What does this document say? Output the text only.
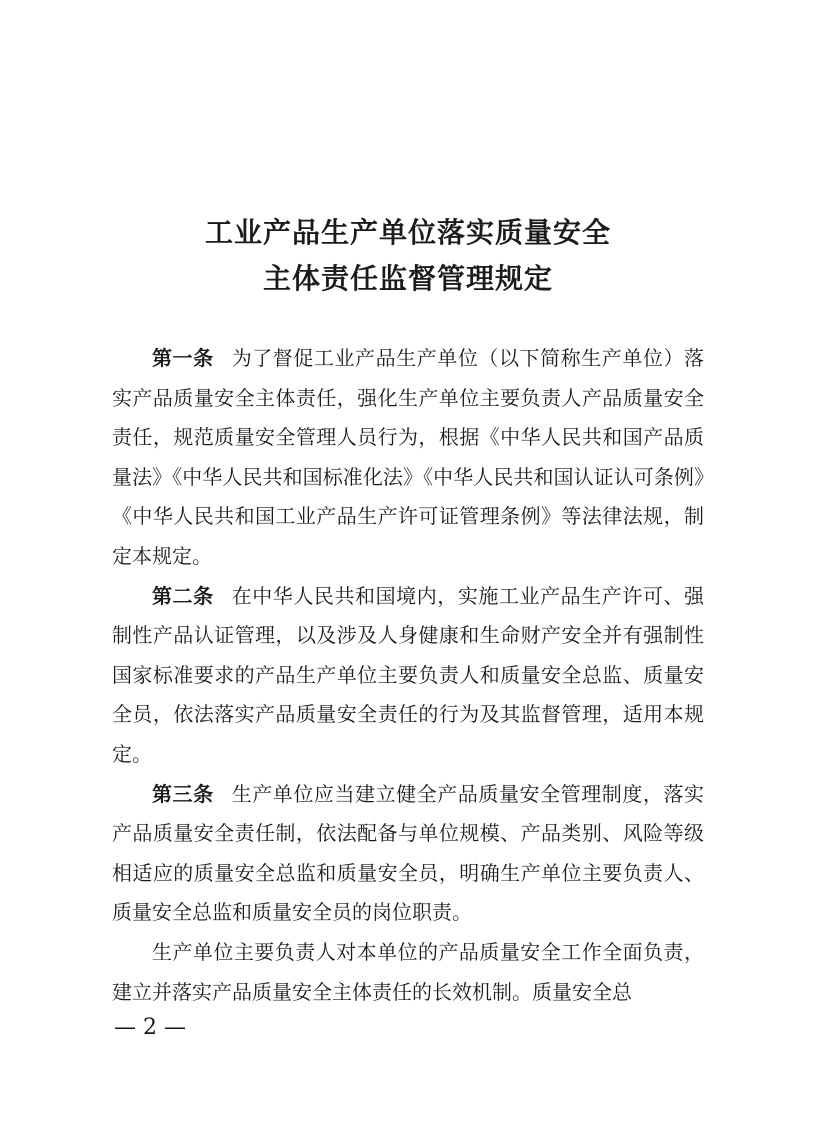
工业产品生产单位落实质量安全
主体责任监督管理规定

第一条 为了督促工业产品生产单位（以下简称生产单位）落实产品质量安全主体责任，强化生产单位主要负责人产品质量安全责任，规范质量安全管理人员行为，根据《中华人民共和国产品质量法》《中华人民共和国标准化法》《中华人民共和国认证认可条例》《中华人民共和国工业产品生产许可证管理条例》等法律法规，制定本规定。

第二条 在中华人民共和国境内，实施工业产品生产许可、强制性产品认证管理，以及涉及人身健康和生命财产安全并有强制性国家标准要求的产品生产单位主要负责人和质量安全总监、质量安全员，依法落实产品质量安全责任的行为及其监督管理，适用本规定。

第三条 生产单位应当建立健全产品质量安全管理制度，落实产品质量安全责任制，依法配备与单位规模、产品类别、风险等级相适应的质量安全总监和质量安全员，明确生产单位主要负责人、质量安全总监和质量安全员的岗位职责。

生产单位主要负责人对本单位的产品质量安全工作全面负责，建立并落实产品质量安全主体责任的长效机制。质量安全总

— 2 —
